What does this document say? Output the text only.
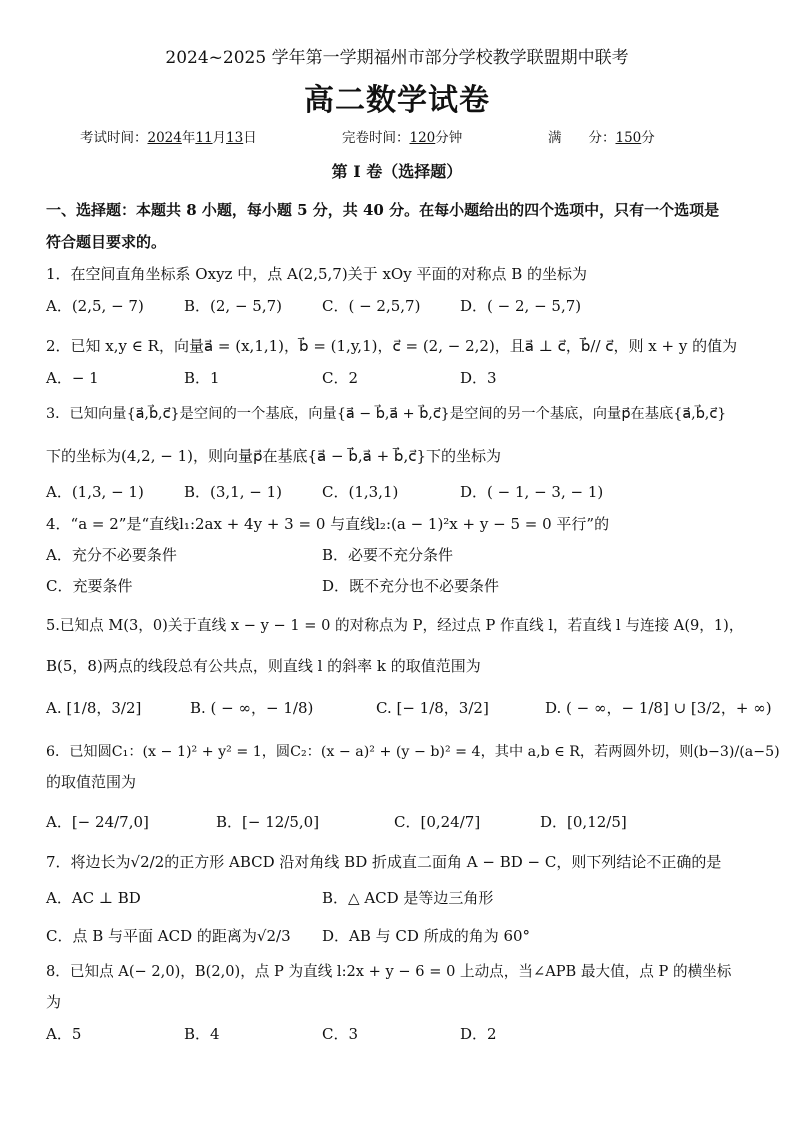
2024~2025 学年第一学期福州市部分学校教学联盟期中联考
高二数学试卷
考试时间：2024年11月13日	完卷时间：120分钟	满　　分：150分
第 I 卷（选择题）
一、选择题：本题共 8 小题，每小题 5 分，共 40 分。在每小题给出的四个选项中，只有一个选项是
符合题目要求的。
1．在空间直角坐标系 Oxyz 中，点 A(2,5,7)关于 xOy 平面的对称点 B 的坐标为
A．(2,5, − 7)	B．(2, − 5,7)	C．( − 2,5,7)	D．( − 2, − 5,7)
2．已知 x,y ∈ R，向量a⃗ = (x,1,1)，b⃗ = (1,y,1)，c⃗ = (2, − 2,2)，且a⃗ ⊥ c⃗，b⃗// c⃗，则 x + y 的值为
A．− 1	B．1	C．2	D．3
3．已知向量{a⃗,b⃗,c⃗}是空间的一个基底，向量{a⃗ − b⃗,a⃗ + b⃗,c⃗}是空间的另一个基底，向量p⃗在基底{a⃗,b⃗,c⃗}
下的坐标为(4,2, − 1)，则向量p⃗在基底{a⃗ − b⃗,a⃗ + b⃗,c⃗}下的坐标为
A．(1,3, − 1)	B．(3,1, − 1)	C．(1,3,1)	D．( − 1, − 3, − 1)
4．“a = 2”是“直线l₁:2ax + 4y + 3 = 0 与直线l₂:(a − 1)²x + y − 5 = 0 平行”的
A．充分不必要条件	B．必要不充分条件
C．充要条件	D．既不充分也不必要条件
5.已知点 M(3，0)关于直线 x − y − 1 = 0 的对称点为 P，经过点 P 作直线 l，若直线 l 与连接 A(9，1)，
B(5，8)两点的线段总有公共点，则直线 l 的斜率 k 的取值范围为
A. [1/8，3/2]	B. ( − ∞，− 1/8)	C. [− 1/8，3/2]	D. ( − ∞，− 1/8] ∪ [3/2，+ ∞)
6．已知圆C₁：(x − 1)² + y² = 1，圆C₂：(x − a)² + (y − b)² = 4，其中 a,b ∈ R，若两圆外切，则(b−3)/(a−5)
的取值范围为
A．[− 24/7,0]	B．[− 12/5,0]	C．[0,24/7]	D．[0,12/5]
7．将边长为√2/2的正方形 ABCD 沿对角线 BD 折成直二面角 A − BD − C，则下列结论不正确的是
A．AC ⊥ BD	B．△ ACD 是等边三角形
C．点 B 与平面 ACD 的距离为√2/3 D．AB 与 CD 所成的角为 60°
8．已知点 A(− 2,0)，B(2,0)，点 P 为直线 l:2x + y − 6 = 0 上动点，当∠APB 最大值，点 P 的横坐标
为
A．5	B．4	C．3	D．2
